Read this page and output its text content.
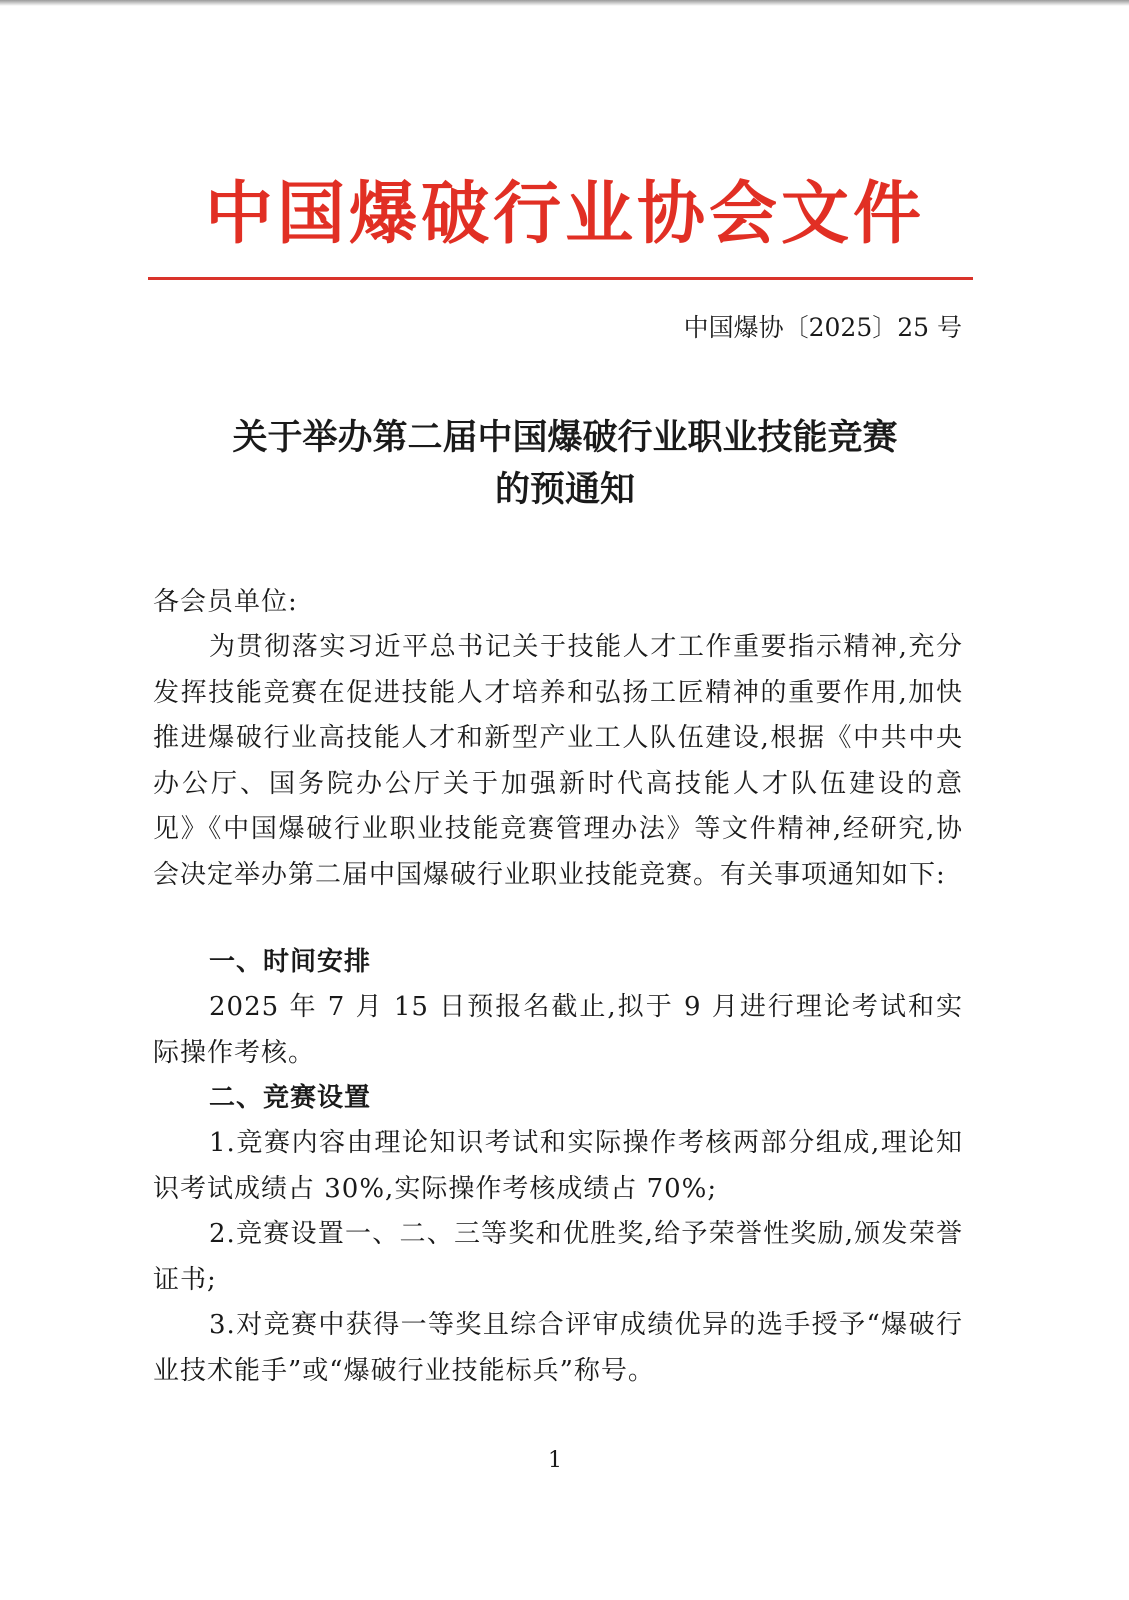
中国爆破行业协会文件
中国爆协〔2025〕25 号
关于举办第二届中国爆破行业职业技能竞赛
的预通知
各会员单位:
为贯彻落实习近平总书记关于技能人才工作重要指示精神,充分发挥技能竞赛在促进技能人才培养和弘扬工匠精神的重要作用,加快推进爆破行业高技能人才和新型产业工人队伍建设,根据《中共中央办公厅、国务院办公厅关于加强新时代高技能人才队伍建设的意见》《中国爆破行业职业技能竞赛管理办法》等文件精神,经研究,协会决定举办第二届中国爆破行业职业技能竞赛。有关事项通知如下:
一、时间安排
2025 年 7 月 15 日预报名截止,拟于 9 月进行理论考试和实际操作考核。
二、竞赛设置
1.竞赛内容由理论知识考试和实际操作考核两部分组成,理论知识考试成绩占 30%,实际操作考核成绩占 70%;
2.竞赛设置一、二、三等奖和优胜奖,给予荣誉性奖励,颁发荣誉证书;
3.对竞赛中获得一等奖且综合评审成绩优异的选手授予“爆破行业技术能手”或“爆破行业技能标兵”称号。
1
